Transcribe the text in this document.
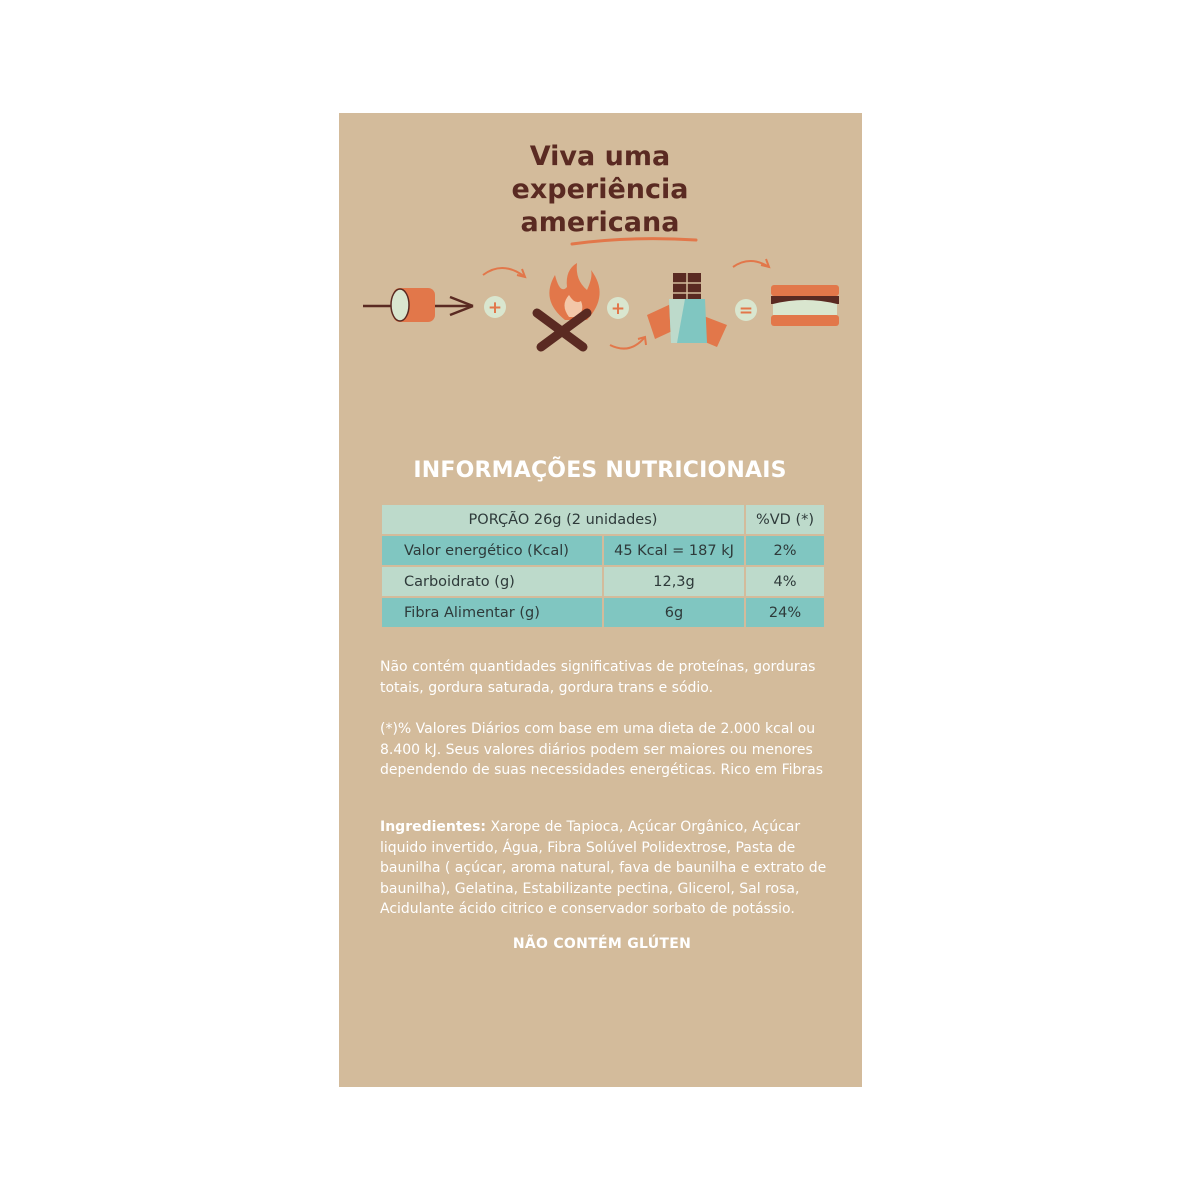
Viva uma
experiência
americana
+	+	=
INFORMAÇÕES NUTRICIONAIS
PORÇÃO 26g (2 unidades)		%VD (*)
Valor energético (Kcal)	45 Kcal = 187 kJ	2%
Carboidrato (g)	12,3g	4%
Fibra Alimentar (g)	6g	24%

Não contém quantidades significativas de proteínas, gorduras totais, gordura saturada, gordura trans e sódio.

(*)% Valores Diários com base em uma dieta de 2.000 kcal ou 8.400 kJ. Seus valores diários podem ser maiores ou menores dependendo de suas necessidades energéticas. Rico em Fibras

Ingredientes: Xarope de Tapioca, Açúcar Orgânico, Açúcar liquido invertido, Água, Fibra Solúvel Polidextrose, Pasta de baunilha ( açúcar, aroma natural, fava de baunilha e extrato de baunilha), Gelatina, Estabilizante pectina, Glicerol, Sal rosa, Acidulante ácido citrico e conservador sorbato de potássio.

NÃO CONTÉM GLÚTEN
